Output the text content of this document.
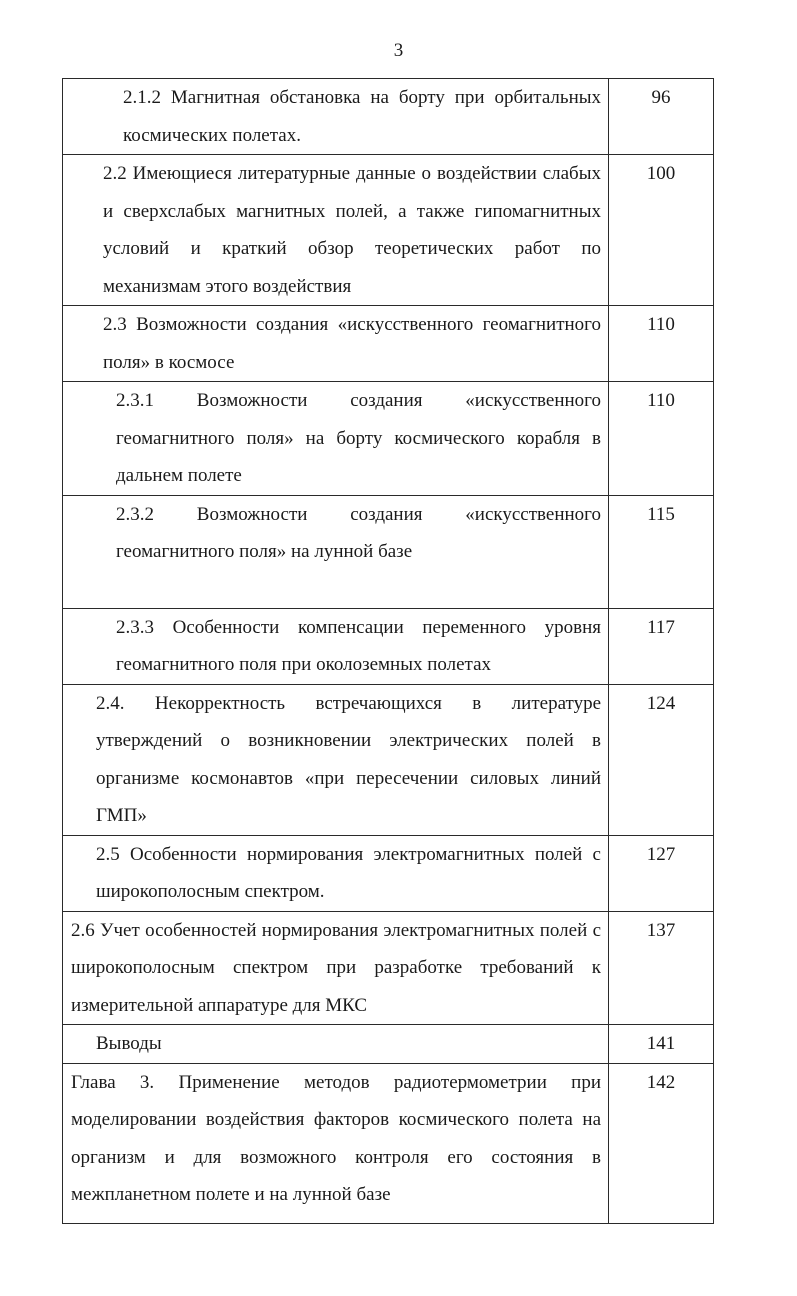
3
2.1.2 Магнитная обстановка на борту при орбитальных космических полетах.	96

2.2 Имеющиеся литературные данные о воздействии слабых и сверхслабых магнитных полей, а также гипомагнитных условий и краткий обзор теоретических работ по механизмам этого воздействия	100

2.3 Возможности создания «искусственного геомагнитного поля» в космосе	110

2.3.1 Возможности создания «искусственного геомагнитного поля» на борту космического корабля в дальнем полете	110

2.3.2 Возможности создания «искусственного геомагнитного поля» на лунной базе	115

2.3.3 Особенности компенсации переменного уровня геомагнитного поля при околоземных полетах	117

2.4. Некорректность встречающихся в литературе утверждений о возникновении электрических полей в организме космонавтов «при пересечении силовых линий ГМП»	124

2.5 Особенности нормирования электромагнитных полей с широкополосным спектром.	127

2.6 Учет особенностей нормирования электромагнитных полей с широкополосным спектром при разработке требований к измерительной аппаратуре для МКС	137

Выводы	141

Глава 3. Применение методов радиотермометрии при моделировании воздействия факторов космического полета на организм и для возможного контроля его состояния в межпланетном полете и на лунной базе	142
